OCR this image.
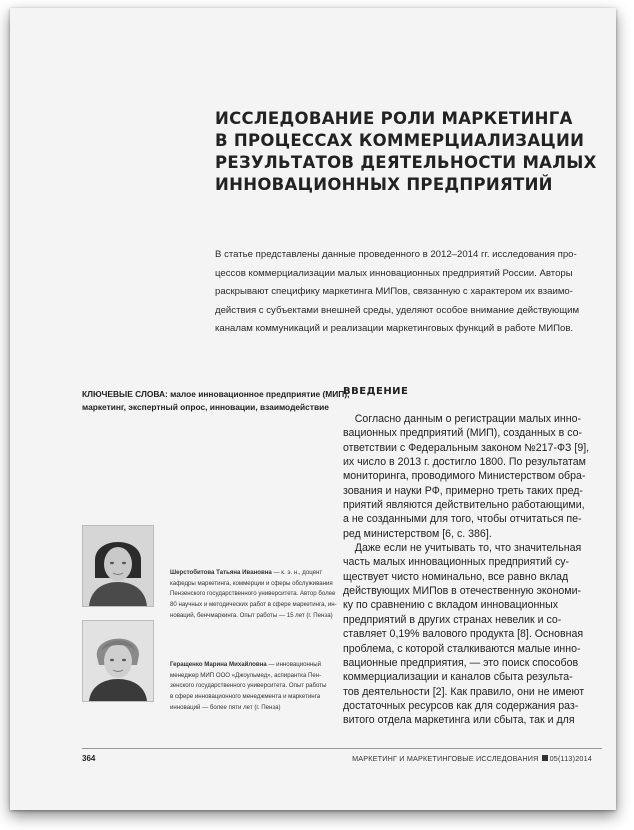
ИССЛЕДОВАНИЕ РОЛИ МАРКЕТИНГА
В ПРОЦЕССАХ КОММЕРЦИАЛИЗАЦИИ
РЕЗУЛЬТАТОВ ДЕЯТЕЛЬНОСТИ МАЛЫХ
ИННОВАЦИОННЫХ ПРЕДПРИЯТИЙ
В статье представлены данные проведенного в 2012–2014 гг. исследования про-
цессов коммерциализации малых инновационных предприятий России. Авторы
раскрывают специфику маркетинга МИПов, связанную с характером их взаимо-
действия с субъектами внешней среды, уделяют особое внимание действующим
каналам коммуникаций и реализации маркетинговых функций в работе МИПов.
КЛЮЧЕВЫЕ СЛОВА: малое инновационное предприятие (МИП),
маркетинг, экспертный опрос, инновации, взаимодействие
ВВЕДЕНИЕ
Согласно данным о регистрации малых инно-
вационных предприятий (МИП), созданных в со-
ответствии с Федеральным законом №217-ФЗ [9],
их число в 2013 г. достигло 1800. По результатам
мониторинга, проводимого Министерством обра-
зования и науки РФ, примерно треть таких пред-
приятий являются действительно работающими,
а не созданными для того, чтобы отчитаться пе-
ред министерством [6, с. 386].
Даже если не учитывать то, что значительная
часть малых инновационных предприятий су-
ществует чисто номинально, все равно вклад
действующих МИПов в отечественную экономи-
ку по сравнению с вкладом инновационных
предприятий в других странах невелик и со-
ставляет 0,19% валового продукта [8]. Основная
проблема, с которой сталкиваются малые инно-
вационные предприятия, — это поиск способов
коммерциализации и каналов сбыта результа-
тов деятельности [2]. Как правило, они не имеют
достаточных ресурсов как для содержания раз-
витого отдела маркетинга или сбыта, так и для
Шерстобитова Татьяна Ивановна — к. э. н., доцент
кафедры маркетинга, коммерции и сферы обслуживания
Пензенского государственного университета. Автор более
80 научных и методических работ в сфере маркетинга, ин-
новаций, бенчмаркинга. Опыт работы — 15 лет (г. Пенза)
Геращенко Марина Михайловна — инновационный
менеджер МИП ООО «Джоульмед», аспирантка Пен-
зенского государственного университета. Опыт работы
в сфере инновационного менеджмента и маркетинга
инноваций — более пяти лет (г. Пенза)
364	МАРКЕТИНГ И МАРКЕТИНГОВЫЕ ИССЛЕДОВАНИЯ 05(113)2014
